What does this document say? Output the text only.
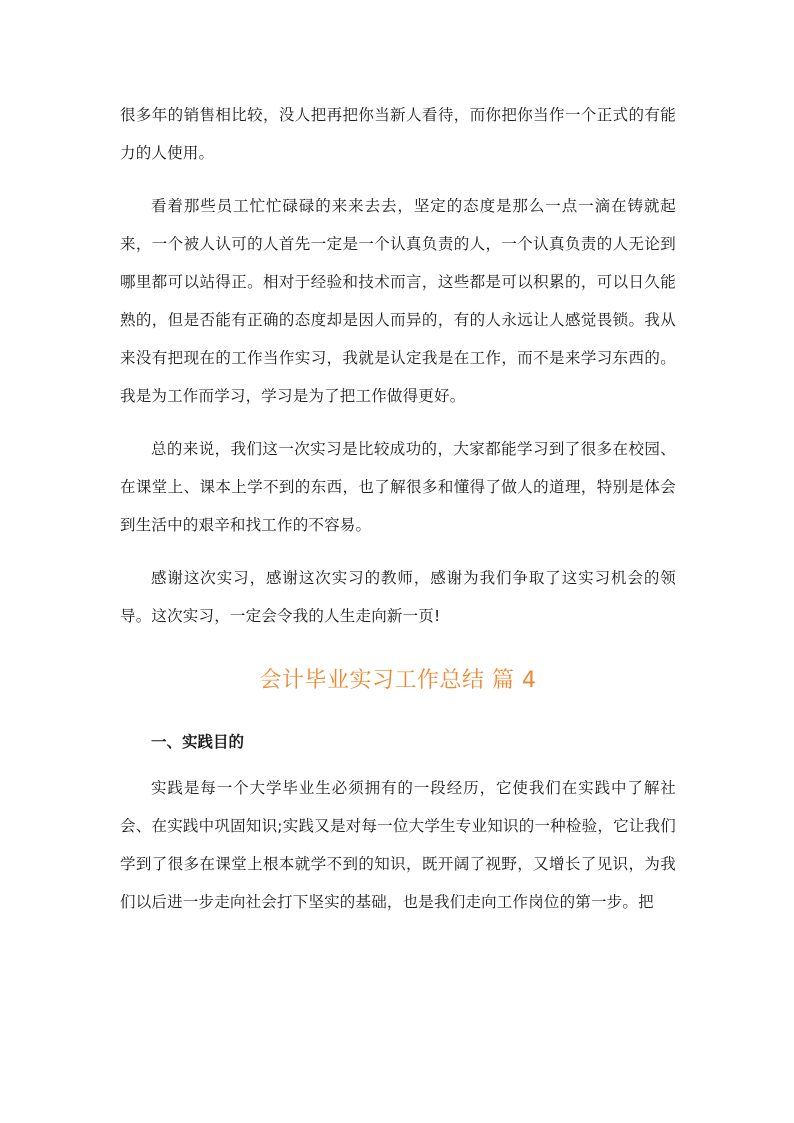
很多年的销售相比较，没人把再把你当新人看待，而你把你当作一个正式的有能力的人使用。

看着那些员工忙忙碌碌的来来去去，坚定的态度是那么一点一滴在铸就起来，一个被人认可的人首先一定是一个认真负责的人，一个认真负责的人无论到哪里都可以站得正。相对于经验和技术而言，这些都是可以积累的，可以日久能熟的，但是否能有正确的态度却是因人而异的，有的人永远让人感觉畏锁。我从来没有把现在的工作当作实习，我就是认定我是在工作，而不是来学习东西的。我是为工作而学习，学习是为了把工作做得更好。

总的来说，我们这一次实习是比较成功的，大家都能学习到了很多在校园、在课堂上、课本上学不到的东西，也了解很多和懂得了做人的道理，特别是体会到生活中的艰辛和找工作的不容易。

感谢这次实习，感谢这次实习的教师，感谢为我们争取了这实习机会的领导。这次实习，一定会令我的人生走向新一页!

会计毕业实习工作总结 篇 4

一、实践目的

实践是每一个大学毕业生必须拥有的一段经历，它使我们在实践中了解社会、在实践中巩固知识;实践又是对每一位大学生专业知识的一种检验，它让我们学到了很多在课堂上根本就学不到的知识，既开阔了视野，又增长了见识，为我们以后进一步走向社会打下坚实的基础，也是我们走向工作岗位的第一步。把
